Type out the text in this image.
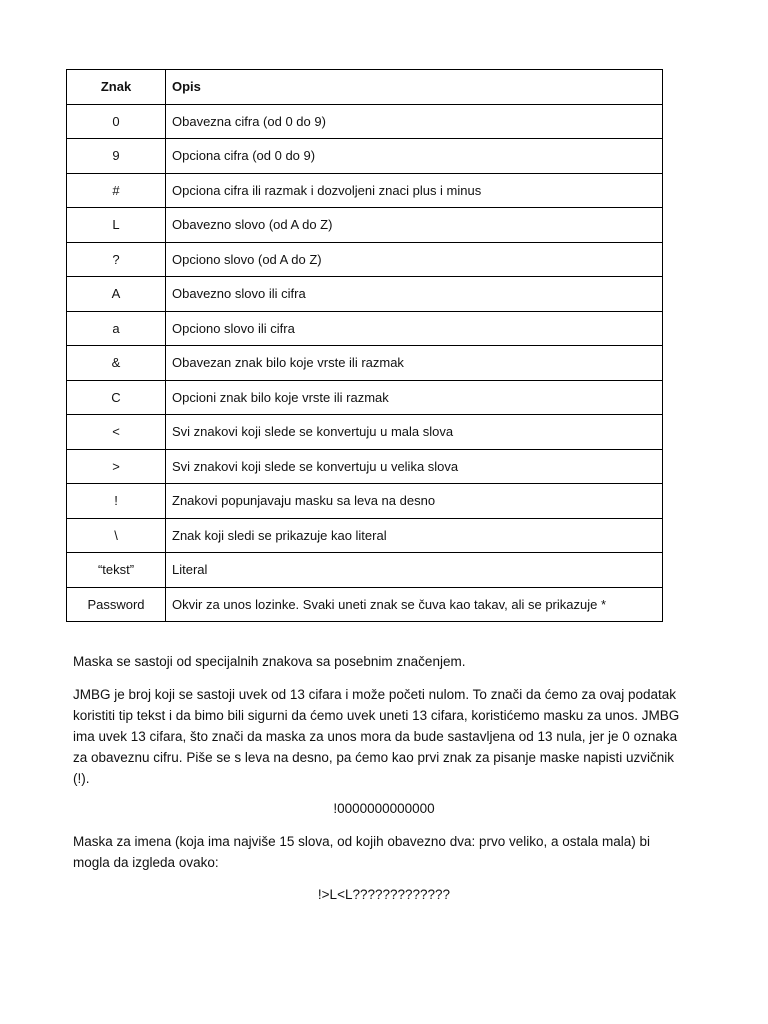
Znak	Opis
0	Obavezna cifra (od 0 do 9)
9	Opciona cifra (od 0 do 9)
#	Opciona cifra ili razmak i dozvoljeni znaci plus i minus
L	Obavezno slovo (od A do Z)
?	Opciono slovo (od A do Z)
A	Obavezno slovo ili cifra
a	Opciono slovo ili cifra
&	Obavezan znak bilo koje vrste ili razmak
C	Opcioni znak bilo koje vrste ili razmak
<	Svi znakovi koji slede se konvertuju u mala slova
>	Svi znakovi koji slede se konvertuju u velika slova
!	Znakovi popunjavaju masku sa leva na desno
\	Znak koji sledi se prikazuje kao literal
“tekst”	Literal
Password	Okvir za unos lozinke. Svaki uneti znak se čuva kao takav, ali se prikazuje *

Maska se sastoji od specijalnih znakova sa posebnim značenjem.

JMBG je broj koji se sastoji uvek od 13 cifara i može početi nulom. To znači da ćemo za ovaj podatak koristiti tip tekst i da bimo bili sigurni da ćemo uvek uneti 13 cifara, koristićemo masku za unos. JMBG ima uvek 13 cifara, što znači da maska za unos mora da bude sastavljena od 13 nula, jer je 0 oznaka za obaveznu cifru. Piše se s leva na desno, pa ćemo kao prvi znak za pisanje maske napisti uzvičnik (!).

!0000000000000

Maska za imena (koja ima najviše 15 slova, od kojih obavezno dva: prvo veliko, a ostala mala) bi mogla da izgleda ovako:

!>L<L?????????????
